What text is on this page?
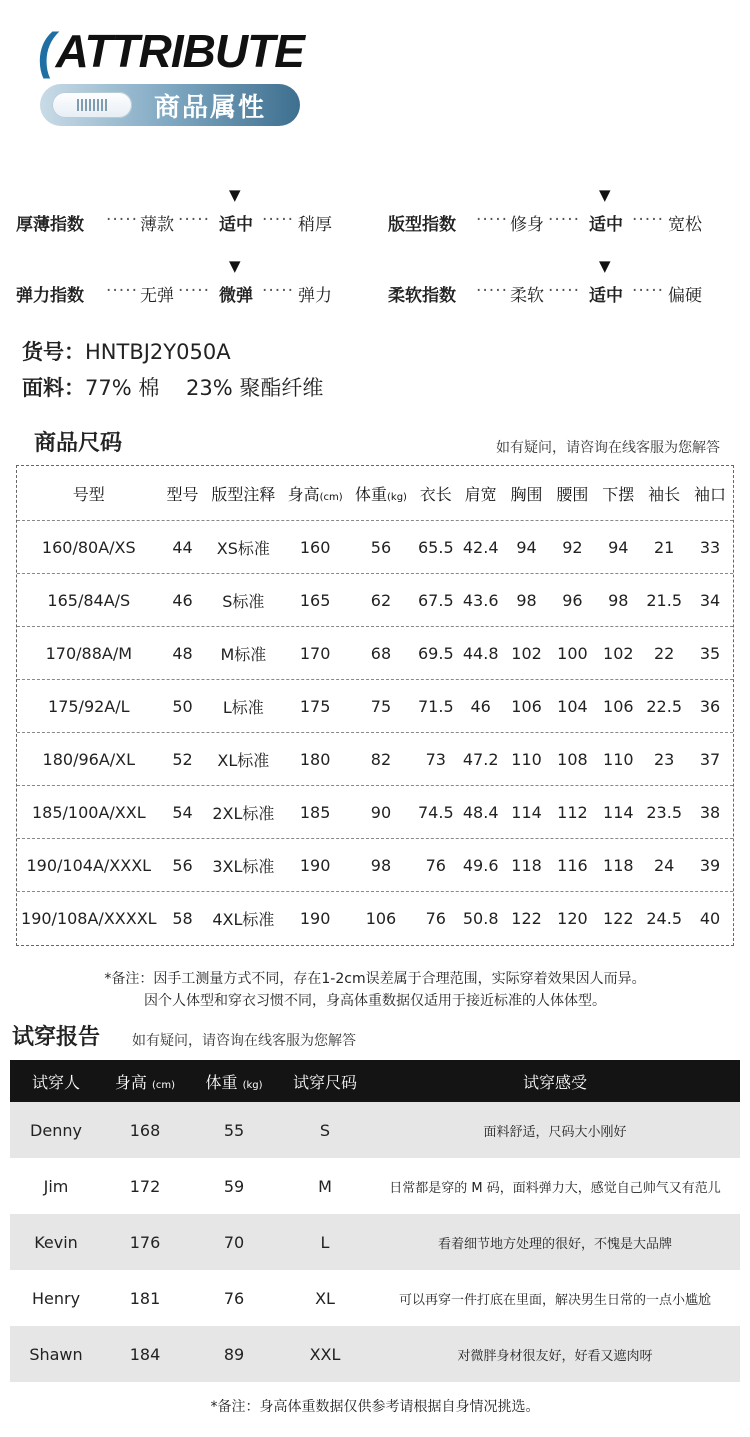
( ATTRIBUTE
商品属性
厚薄指数 ····· 薄款 ·····
▼
适中 ····· 稍厚	版型指数 ····· 修身 ·····
▼
适中 ····· 宽松
弹力指数 ····· 无弹 ·····
▼
微弹 ····· 弹力	柔软指数 ····· 柔软 ·····
▼
适中 ····· 偏硬
货号：HNTBJ2Y050A
面料：77% 棉    23% 聚酯纤维
商品尺码	如有疑问，请咨询在线客服为您解答
号型	型号 版型注释 身高(cm) 体重(kg) 衣长 肩宽 胸围 腰围 下摆 袖长 袖口
160/80A/XS	44	XS标准	160	56	65.5 42.4	94	92	94	21	33
165/84A/S	46	S标准	165	62	67.5 43.6	98	96	98	21.5	34
170/88A/M	48	M标准	170	68	69.5 44.8 102 100 102	22	35
175/92A/L	50	L标准	175	75	71.5	46	106 104 106 22.5	36
180/96A/XL	52	XL标准	180	82	73	47.2 110 108 110	23	37
185/100A/XXL	54	2XL标准	185	90	74.5 48.4 114 112 114 23.5	38
190/104A/XXXL	56	3XL标准	190	98	76	49.6 118 116 118	24	39
190/108A/XXXXL 58	4XL标准	190	106	76	50.8 122 120 122 24.5	40
*备注：因手工测量方式不同，存在1-2cm误差属于合理范围，实际穿着效果因人而异。
因个人体型和穿衣习惯不同，身高体重数据仅适用于接近标准的人体体型。
试穿报告 如有疑问，请咨询在线客服为您解答
试穿人	身高 (cm)	体重 (kg)	试穿尺码	试穿感受
Denny	168	55	S	面料舒适，尺码大小刚好
Jim	172	59	M	日常都是穿的 M 码，面料弹力大，感觉自己帅气又有范儿
Kevin	176	70	L	看着细节地方处理的很好，不愧是大品牌
Henry	181	76	XL	可以再穿一件打底在里面，解决男生日常的一点小尴尬
Shawn	184	89	XXL	对微胖身材很友好，好看又遮肉呀
*备注：身高体重数据仅供参考请根据自身情况挑选。
